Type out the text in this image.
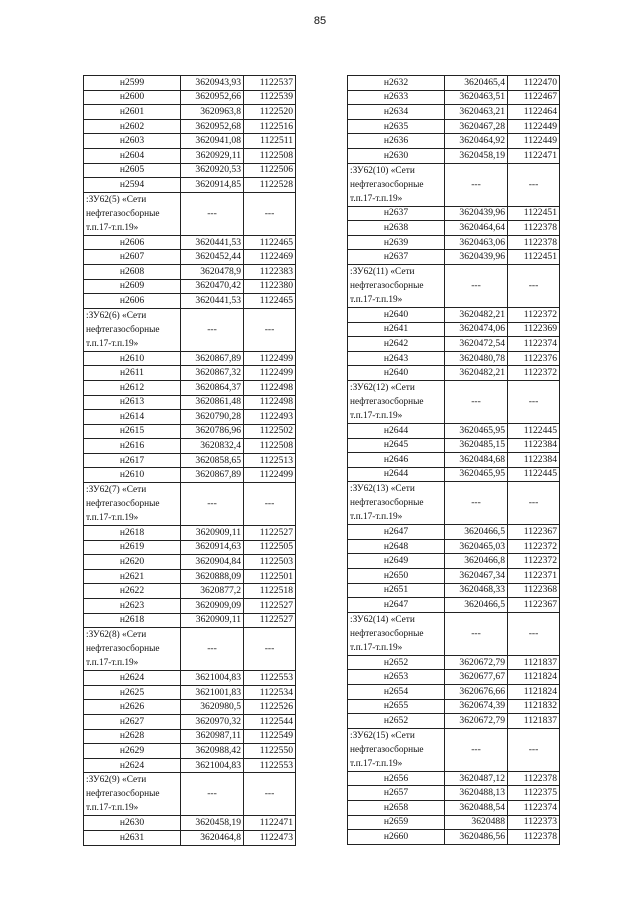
85
н2599	3620943,93	1122537
н2600	3620952,66	1122539
н2601	3620963,8	1122520
н2602	3620952,68	1122516
н2603	3620941,08	1122511
н2604	3620929,11	1122508
н2605	3620920,53	1122506
н2594	3620914,85	1122528
:ЗУ62(5) «Сети нефтегазосборные т.п.17-т.п.19»	---	---
н2606	3620441,53	1122465
н2607	3620452,44	1122469
н2608	3620478,9	1122383
н2609	3620470,42	1122380
н2606	3620441,53	1122465
:ЗУ62(6) «Сети нефтегазосборные т.п.17-т.п.19»	---	---
н2610	3620867,89	1122499
н2611	3620867,32	1122499
н2612	3620864,37	1122498
н2613	3620861,48	1122498
н2614	3620790,28	1122493
н2615	3620786,96	1122502
н2616	3620832,4	1122508
н2617	3620858,65	1122513
н2610	3620867,89	1122499
:ЗУ62(7) «Сети нефтегазосборные т.п.17-т.п.19»	---	---
н2618	3620909,11	1122527
н2619	3620914,63	1122505
н2620	3620904,84	1122503
н2621	3620888,09	1122501
н2622	3620877,2	1122518
н2623	3620909,09	1122527
н2618	3620909,11	1122527
:ЗУ62(8) «Сети нефтегазосборные т.п.17-т.п.19»	---	---
н2624	3621004,83	1122553
н2625	3621001,83	1122534
н2626	3620980,5	1122526
н2627	3620970,32	1122544
н2628	3620987,11	1122549
н2629	3620988,42	1122550
н2624	3621004,83	1122553
:ЗУ62(9) «Сети нефтегазосборные т.п.17-т.п.19»	---	---
н2630	3620458,19	1122471
н2631	3620464,8	1122473
н2632	3620465,4	1122470
н2633	3620463,51	1122467
н2634	3620463,21	1122464
н2635	3620467,28	1122449
н2636	3620464,92	1122449
н2630	3620458,19	1122471
:ЗУ62(10) «Сети нефтегазосборные т.п.17-т.п.19»	---	---
н2637	3620439,96	1122451
н2638	3620464,64	1122378
н2639	3620463,06	1122378
н2637	3620439,96	1122451
:ЗУ62(11) «Сети нефтегазосборные т.п.17-т.п.19»	---	---
н2640	3620482,21	1122372
н2641	3620474,06	1122369
н2642	3620472,54	1122374
н2643	3620480,78	1122376
н2640	3620482,21	1122372
:ЗУ62(12) «Сети нефтегазосборные т.п.17-т.п.19»	---	---
н2644	3620465,95	1122445
н2645	3620485,15	1122384
н2646	3620484,68	1122384
н2644	3620465,95	1122445
:ЗУ62(13) «Сети нефтегазосборные т.п.17-т.п.19»	---	---
н2647	3620466,5	1122367
н2648	3620465,03	1122372
н2649	3620466,8	1122372
н2650	3620467,34	1122371
н2651	3620468,33	1122368
н2647	3620466,5	1122367
:ЗУ62(14) «Сети нефтегазосборные т.п.17-т.п.19»	---	---
н2652	3620672,79	1121837
н2653	3620677,67	1121824
н2654	3620676,66	1121824
н2655	3620674,39	1121832
н2652	3620672,79	1121837
:ЗУ62(15) «Сети нефтегазосборные т.п.17-т.п.19»	---	---
н2656	3620487,12	1122378
н2657	3620488,13	1122375
н2658	3620488,54	1122374
н2659	3620488	1122373
н2660	3620486,56	1122378
